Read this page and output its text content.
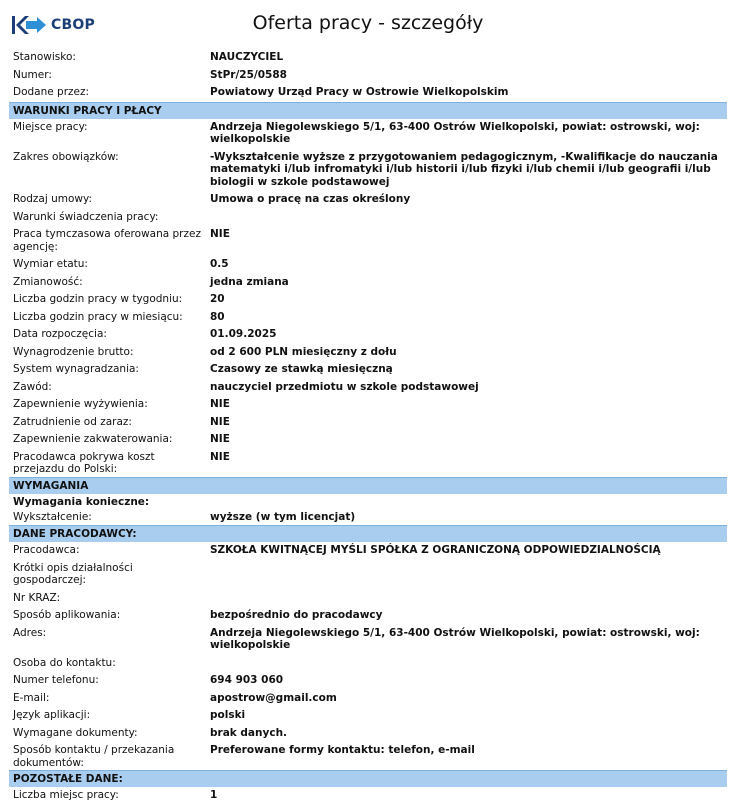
CBOP	Oferta pracy - szczegóły
Stanowisko:	NAUCZYCIEL
Numer:	StPr/25/0588
Dodane przez:	Powiatowy Urząd Pracy w Ostrowie Wielkopolskim
WARUNKI PRACY I PŁACY
Miejsce pracy:	Andrzeja Niegolewskiego 5/1, 63-400 Ostrów Wielkopolski, powiat: ostrowski, woj: wielkopolskie
Zakres obowiązków:	-Wykształcenie wyższe z przygotowaniem pedagogicznym, -Kwalifikacje do nauczania matematyki i/lub infromatyki i/lub historii i/lub fizyki i/lub chemii i/lub geografii i/lub biologii w szkole podstawowej
Rodzaj umowy:	Umowa o pracę na czas określony
Warunki świadczenia pracy:
Praca tymczasowa oferowana przez agencję:
NIE
Wymiar etatu:	0.5
Zmianowość:	jedna zmiana
Liczba godzin pracy w tygodniu:	20
Liczba godzin pracy w miesiącu:	80
Data rozpoczęcia:	01.09.2025
Wynagrodzenie brutto:	od 2 600 PLN miesięczny z dołu
System wynagradzania:	Czasowy ze stawką miesięczną
Zawód:	nauczyciel przedmiotu w szkole podstawowej
Zapewnienie wyżywienia:	NIE
Zatrudnienie od zaraz:	NIE
Zapewnienie zakwaterowania:	NIE
Pracodawca pokrywa koszt przejazdu do Polski:
NIE
WYMAGANIA
Wymagania konieczne:
Wykształcenie:	wyższe (w tym licencjat)
DANE PRACODAWCY:
Pracodawca:	SZKOŁA KWITNĄCEJ MYŚLI SPÓŁKA Z OGRANICZONĄ ODPOWIEDZIALNOŚCIĄ
Krótki opis działalności gospodarczej:
Nr KRAZ:
Sposób aplikowania:	bezpośrednio do pracodawcy
Adres:	Andrzeja Niegolewskiego 5/1, 63-400 Ostrów Wielkopolski, powiat: ostrowski, woj: wielkopolskie
Osoba do kontaktu:
Numer telefonu:	694 903 060
E-mail:	apostrow@gmail.com
Język aplikacji:	polski
Wymagane dokumenty:	brak danych.
Sposób kontaktu / przekazania dokumentów:
Preferowane formy kontaktu: telefon, e-mail
POZOSTAŁE DANE:
Liczba miejsc pracy:	1
